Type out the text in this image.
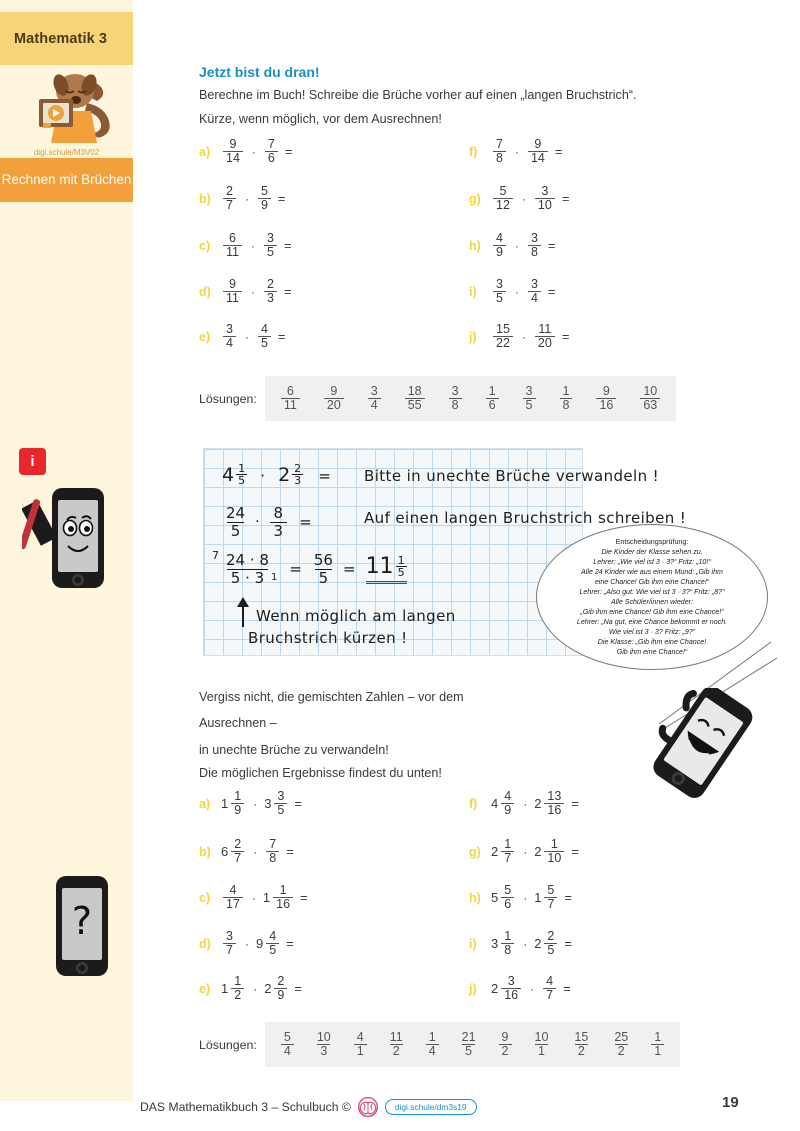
Mathematik 3
digi.schule/M3V02
Rechnen mit Brüchen
?
Jetzt bist du dran!
Berechne im Buch! Schreibe die Brüche vorher auf einen „langen Bruchstrich“.
Kürze, wenn möglich, vor dem Ausrechnen!
a)	$\frac{9}{14} \cdot \frac{7}{6}$ =
$b) \frac{2}{7} \cdot \frac{5}{9}$ =
c)	$\frac{6}{11} \cdot \frac{3}{5}$ =
$d) \frac{9}{11} \cdot \frac{2}{3}$ =
e)	$\frac{3}{4} \cdot \frac{4}{5}$ =
f)	$\frac{7}{8} \cdot \frac{9}{14}$ =
$g) \frac{5}{12} \cdot \frac{3}{10}$ =
$h) \frac{4}{9} \cdot \frac{3}{8}$ =
i)	$\frac{3}{5} \cdot \frac{3}{4}$ =
j)	$\frac{15}{22} \cdot \frac{11}{20}$ =
Lösungen: $\frac{6}{11} \frac{9}{20} \frac{3}{4} \frac{18}{55} \frac{3}{8} \frac{1}{6} \frac{3}{5} \frac{1}{8} \frac{9}{16} \frac{10}{63}$
$4 \frac{1}{5} \cdot 2 \frac{2}{3}$ = Bitte in unechte Brüche verwandeln !
$\frac{24}{5} \cdot \frac{8}{3}$ =	Auf einen langen Bruchstrich schreiben !
$7 \frac{24 \cdot 8}{5 \cdot 3} 1 = \frac{56}{5} = 11 \frac{1}{5}$
Wenn möglich am langen
Bruchstrich kürzen !
Entscheidungsprüfung:
Die Kinder der Klasse sehen zu.
Lehrer: „Wie viel ist 3 · 3?“ Fritz: „10!“
Alle 24 Kinder wie aus einem Mund: „Gib ihm
eine Chance! Gib ihm eine Chance!“
Lehrer: „Also gut: Wie viel ist 3 · 3?“ Fritz: „8?“
Alle Schüler/innen wieder:
„Gib ihm eine Chance! Gib ihm eine Chance!“
Lehrer: „Na gut, eine Chance bekommt er noch.
Wie viel ist 3 · 3? Fritz: „9?“
Die Klasse: „Gib ihm eine Chance!
Gib ihm eine Chance!“
i
Vergiss nicht, die gemischten Zahlen – vor dem
Ausrechnen –
in unechte Brüche zu verwandeln!
Die möglichen Ergebnisse findest du unten!
a) $1 \frac{1}{9} \cdot 3 \frac{3}{5}$ =
b) $6 \frac{2}{7} \cdot \frac{7}{8}$ =
c)	$\frac{4}{17} \cdot 1 \frac{1}{16}$ =
$d) \frac{3}{7} \cdot 9 \frac{4}{5}$ =
e) $1 \frac{1}{2} \cdot 2 \frac{2}{9}$ =
f)	$4 \frac{4}{9} \cdot 2 \frac{13}{16}$ =
g) $2 \frac{1}{7} \cdot 2 \frac{1}{10}$ =
h) $5 \frac{5}{6} \cdot 1 \frac{5}{7}$ =
i)	$3 \frac{1}{8} \cdot 2 \frac{2}{5}$ =
j)	$2 \frac{3}{16} \cdot \frac{4}{7}$ =
Lösungen: $\frac{5}{4} \frac{10}{3} \frac{4}{1} \frac{11}{2} \frac{1}{4} \frac{21}{5} \frac{9}{2} \frac{10}{1} \frac{15}{2} \frac{25}{2} \frac{1}{1}$
DAS Mathematikbuch 3 – Schulbuch ©	digi.schule/dm3s19	19
